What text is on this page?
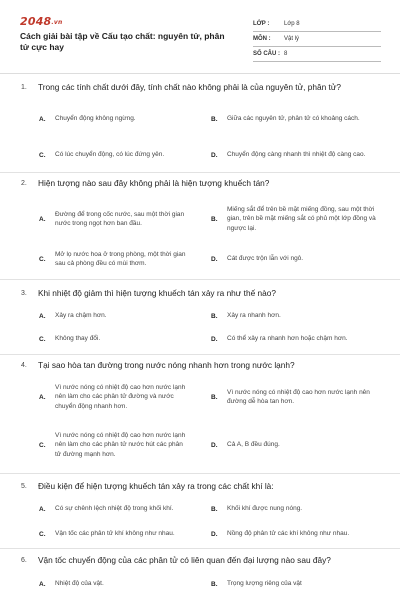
2048.vn
Cách giải bài tập về Cấu tạo chất: nguyên tử, phân tử cực hay
LỚP :	Lớp 8
MÔN :	Vật lý
SỐ CÂU : 8
1.	Trong các tính chất dưới đây, tính chất nào không phải là của nguyên tử, phân tử?
A.	Chuyển động không ngừng.	B.	Giữa các nguyên tử, phân tử có khoảng cách.
C.	Có lúc chuyển động, có lúc đứng yên.	D.	Chuyển động càng nhanh thì nhiệt độ càng cao.
2.	Hiện tượng nào sau đây không phải là hiện tượng khuếch tán?
A.
Đường để trong cốc nước, sau một thời gian nước trong ngọt hơn ban đầu.
B.
Miếng sắt để trên bề mặt miếng đồng, sau một thời gian, trên bề mặt miếng sắt có phủ một lớp đồng và ngược lại.
C.
Mở lọ nước hoa ở trong phòng, một thời gian sau cả phòng đều có mùi thơm.
D.	Cát được trộn lẫn với ngô.
3.	Khi nhiệt độ giảm thì hiện tượng khuếch tán xảy ra như thế nào?
A.	Xảy ra chậm hơn.	B.	Xảy ra nhanh hơn.
C.	Không thay đổi.	D.	Có thể xảy ra nhanh hơn hoặc chậm hơn.
4.	Tại sao hòa tan đường trong nước nóng nhanh hơn trong nước lạnh?
A.
Vì nước nóng có nhiệt độ cao hơn nước lạnh nên làm cho các phân tử đường và nước chuyển động nhanh hơn.
B.
Vì nước nóng có nhiệt độ cao hơn nước lạnh nên đường dễ hòa tan hơn.
C.
Vì nước nóng có nhiệt độ cao hơn nước lạnh nên làm cho các phân tử nước hút các phân tử đường mạnh hơn.
D.	Cả A, B đều đúng.
5.	Điều kiện để hiện tượng khuếch tán xảy ra trong các chất khí là:
A.	Có sự chênh lệch nhiệt độ trong khối khí.	B.	Khối khí được nung nóng.
C.	Vận tốc các phân tử khí không như nhau.	D.	Nồng độ phân tử các khí không như nhau.
6.	Vận tốc chuyển động của các phân tử có liên quan đến đại lượng nào sau đây?
A.	Nhiệt độ của vật.	B.	Trọng lượng riêng của vật
